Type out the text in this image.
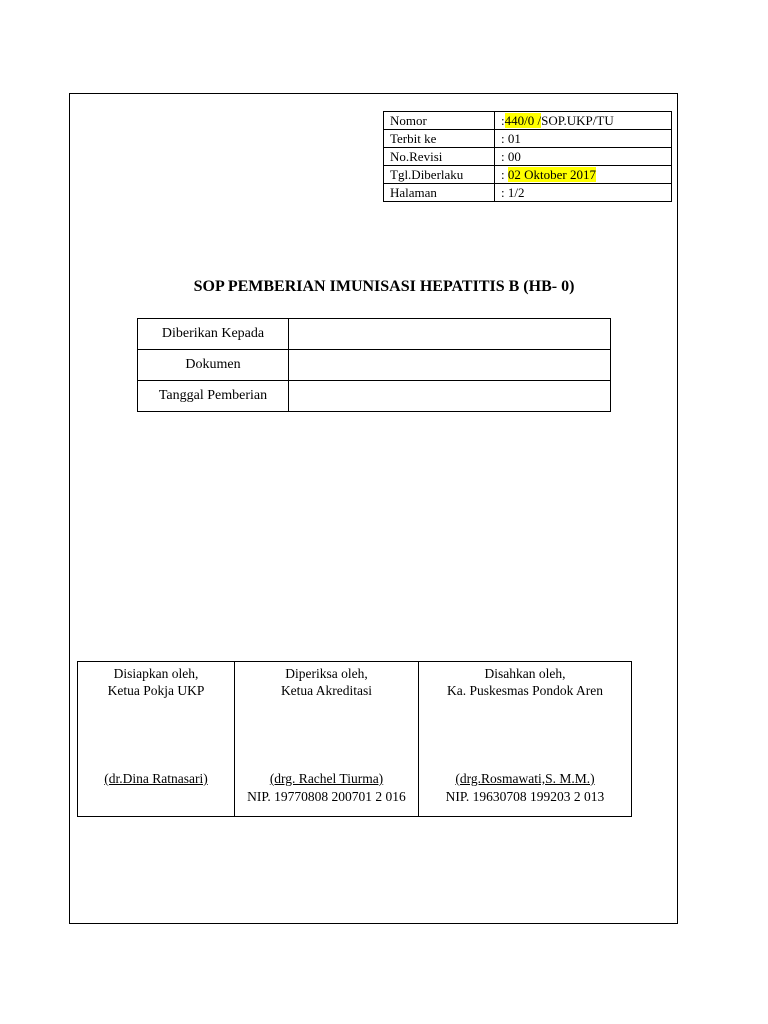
Nomor	:440/0 /SOP.UKP/TU
Terbit ke	: 01
No.Revisi	: 00
Tgl.Diberlaku	: 02 Oktober 2017
Halaman	: 1/2
SOP PEMBERIAN IMUNISASI HEPATITIS B (HB- 0)
Diberikan Kepada	
Dokumen	
Tanggal Pemberian	
Disiapkan oleh,
Ketua Pokja UKP
(dr.Dina Ratnasari)

Diperiksa oleh,
Ketua Akreditasi
(drg. Rachel Tiurma)
NIP. 19770808 200701 2 016

Disahkan oleh,
Ka. Puskesmas Pondok Aren
(drg.Rosmawati,S. M.M.)
NIP. 19630708 199203 2 013
